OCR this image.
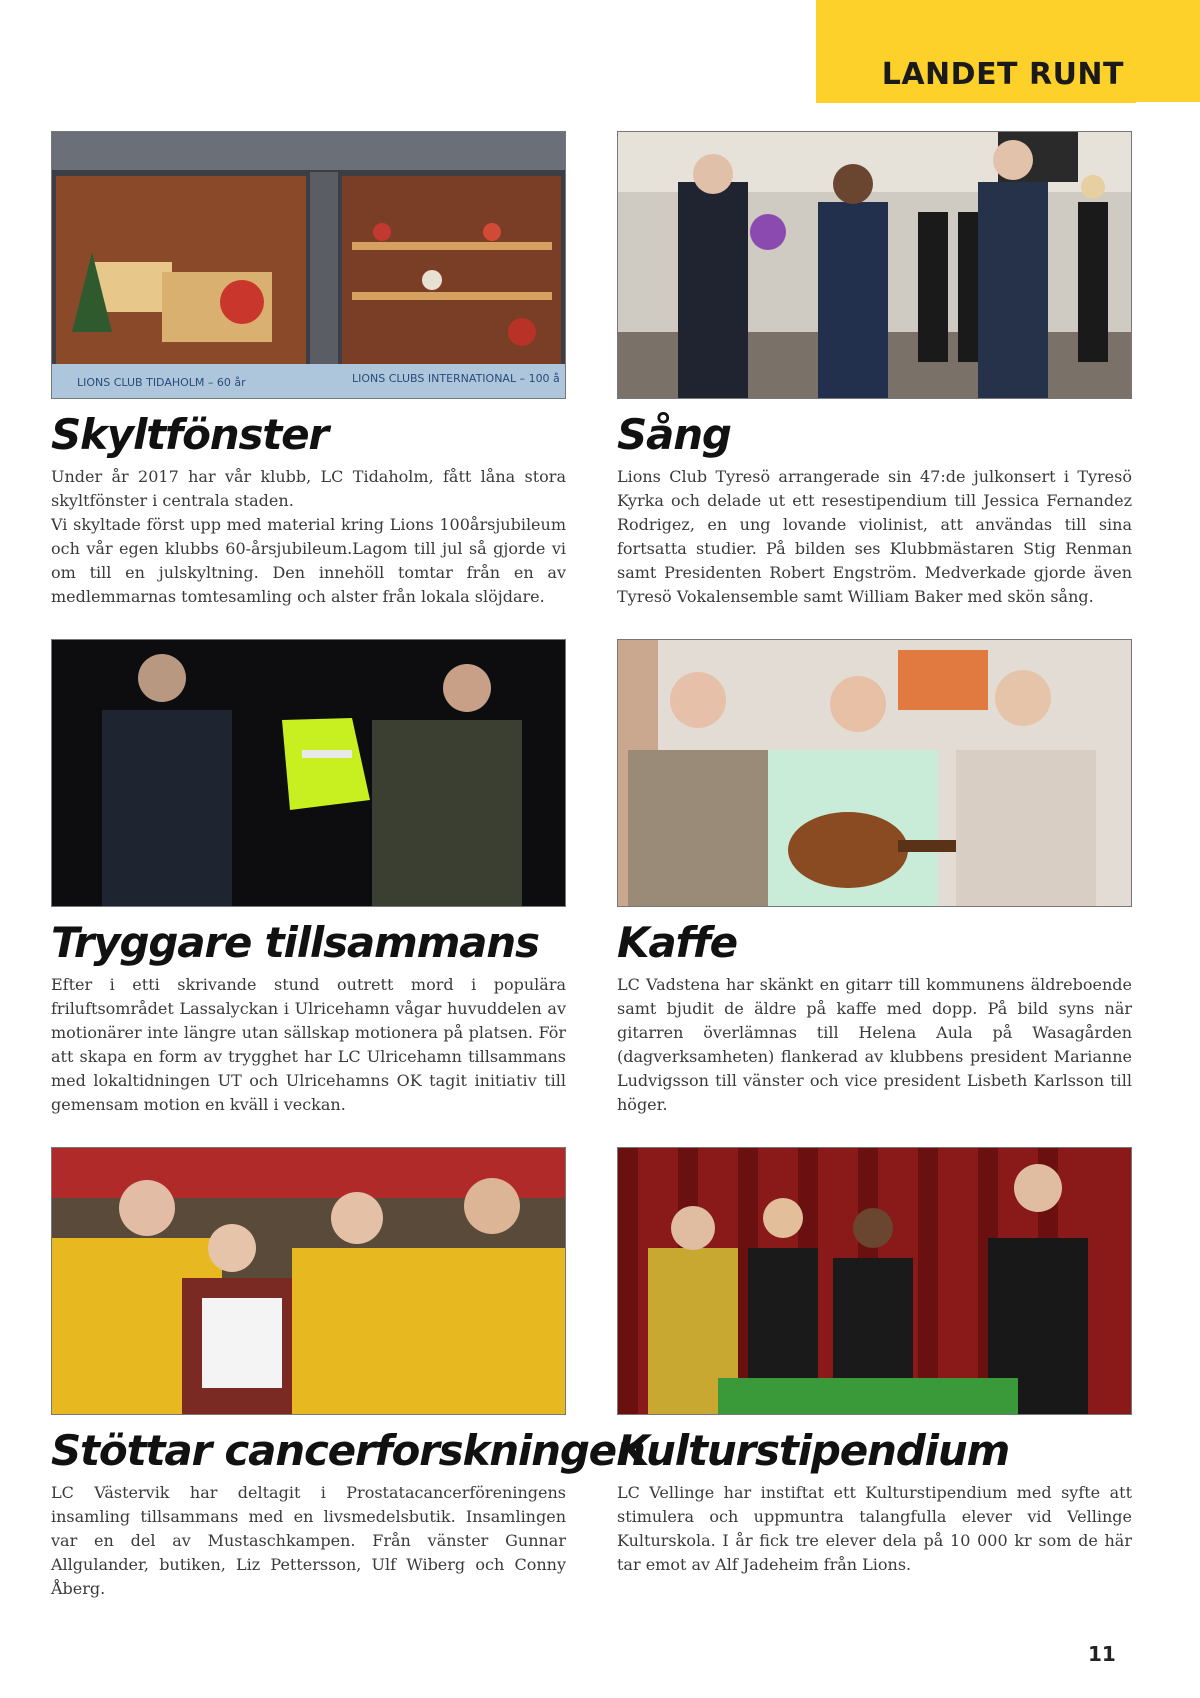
LANDET RUNT
LIONS CLUB TIDAHOLM – 60 år	LIONS CLUBS INTERNATIONAL – 100 å
Skyltfönster
Under år 2017 har vår klubb, LC Tidaholm, fått låna stora skyltfönster i centrala staden.
Vi skyltade först upp med material kring Lions 100årsjubileum och vår egen klubbs 60-årsjubileum.Lagom till jul så gjorde vi om till en julskyltning. Den innehöll tomtar från en av medlemmarnas tomtesamling och alster från lokala slöjdare.
Sång
Lions Club Tyresö arrangerade sin 47:de julkonsert i Tyresö Kyrka och delade ut ett resestipendium till Jessica Fernandez Rodrigez, en ung lovande violinist, att användas till sina fortsatta studier. På bilden ses Klubbmästaren Stig Renman samt Presidenten Robert Engström. Medverkade gjorde även Tyresö Vokalensemble samt William Baker med skön sång.
Tryggare tillsammans
Efter i etti skrivande stund outrett mord i populära friluftsområdet Lassalyckan i Ulricehamn vågar huvuddelen av motionärer inte längre utan sällskap motionera på platsen. För att skapa en form av trygghet har LC Ulricehamn tillsammans med lokaltidningen UT och Ulricehamns OK tagit initiativ till gemensam motion en kväll i veckan.
Kaffe
LC Vadstena har skänkt en gitarr till kommunens äldreboende samt bjudit de äldre på kaffe med dopp. På bild syns när gitarren överlämnas till Helena Aula på Wasagården (dagverksamheten) flankerad av klubbens president Marianne Ludvigsson till vänster och vice president Lisbeth Karlsson till höger.
Stöttar cancerforskningen
LC Västervik har deltagit i Prostatacancerföreningens insamling tillsammans med en livsmedelsbutik. Insamlingen var en del av Mustaschkampen. Från vänster Gunnar Allgulander, butiken, Liz Pettersson, Ulf Wiberg och Conny Åberg.
Kulturstipendium
LC Vellinge har instiftat ett Kulturstipendium med syfte att stimulera och uppmuntra talangfulla elever vid Vellinge Kulturskola. I år fick tre elever dela på 10 000 kr som de här tar emot av Alf Jadeheim från Lions.
11
